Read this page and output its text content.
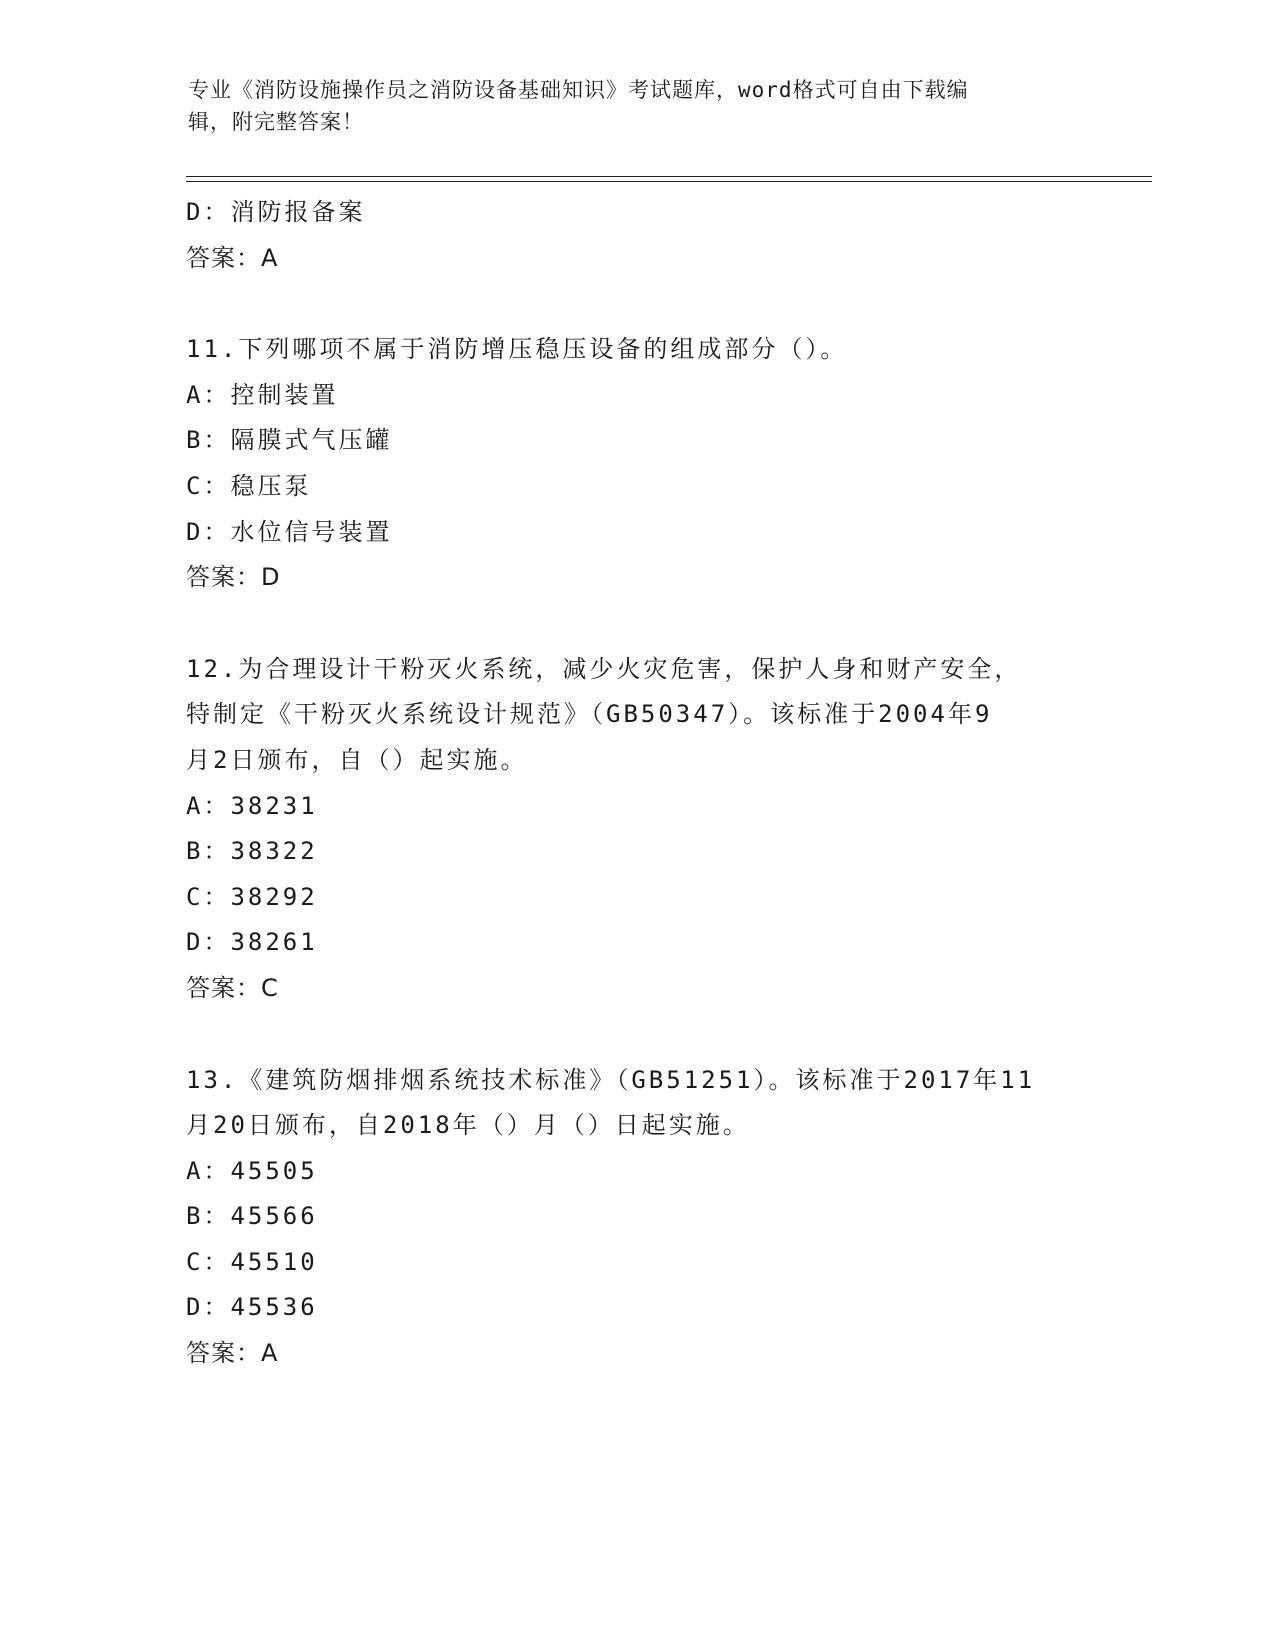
专业《消防设施操作员之消防设备基础知识》考试题库，word格式可自由下载编
辑，附完整答案！
D：消防报备案
答案：A
11.下列哪项不属于消防增压稳压设备的组成部分（）。
A：控制装置
B：隔膜式气压罐
C：稳压泵
D：水位信号装置
答案：D
12.为合理设计干粉灭火系统，减少火灾危害，保护人身和财产安全，
特制定《干粉灭火系统设计规范》（GB50347）。该标准于2004年9
月2日颁布，自（）起实施。
A：38231
B：38322
C：38292
D：38261
答案：C
13.《建筑防烟排烟系统技术标准》（GB51251）。该标准于2017年11
月20日颁布，自2018年（）月（）日起实施。
A：45505
B：45566
C：45510
D：45536
答案：A
